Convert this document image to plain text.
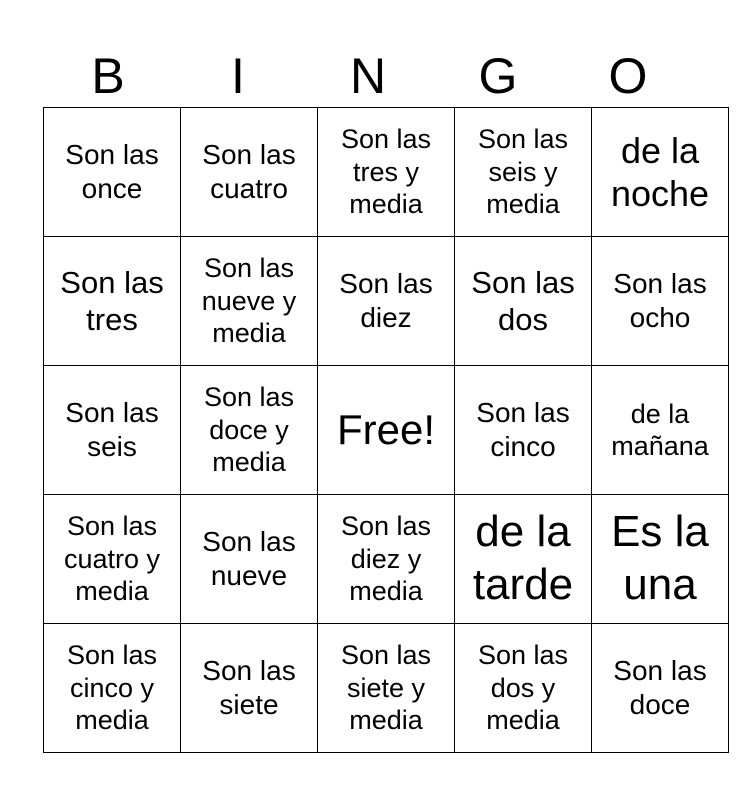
B	I	N	G	O
Son las once	Son las cuatro	Son las tres y media	Son las seis y media	de la noche
Son las tres	Son las nueve y media	Son las diez	Son las dos	Son las ocho
Son las seis	Son las doce y media	Free!	Son las cinco	de la mañana
Son las cuatro y media	Son las nueve	Son las diez y media	de la tarde	Es la una
Son las cinco y media	Son las siete	Son las siete y media	Son las dos y media	Son las doce
